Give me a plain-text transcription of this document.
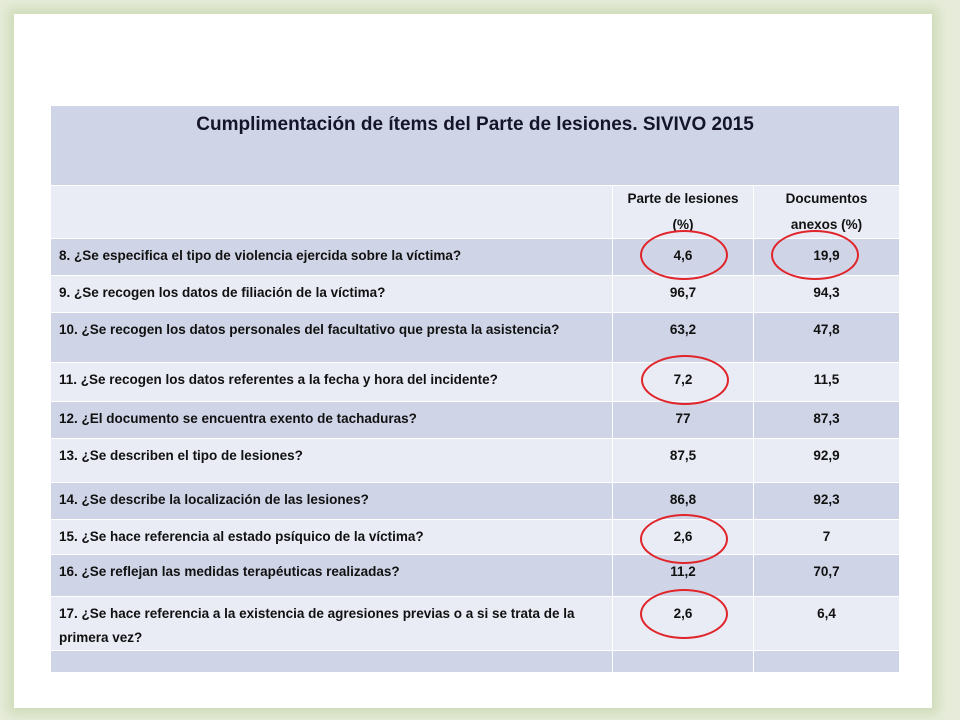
Cumplimentación de ítems del Parte de lesiones. SIVIVO 2015		

	Parte de lesiones (%)	Documentos anexos (%)
8. ¿Se especifica el tipo de violencia ejercida sobre la víctima?	4,6	19,9

9. ¿Se recogen los datos de filiación de la víctima?	96,7	94,3
10. ¿Se recogen los datos personales del facultativo que presta la asistencia?	63,2	47,8
11. ¿Se recogen los datos referentes a la fecha y hora del incidente?	7,2	11,5
12. ¿El documento se encuentra exento de tachaduras?	77	87,3
13. ¿Se describen el tipo de lesiones?	87,5	92,9
14. ¿Se describe la localización de las lesiones?	86,8	92,3
15. ¿Se hace referencia al estado psíquico de la víctima?	2,6	7
16. ¿Se reflejan las medidas terapéuticas realizadas?	11,2	70,7
17. ¿Se hace referencia a la existencia de agresiones previas o a si se trata de la primera vez?	2,6	6,4
